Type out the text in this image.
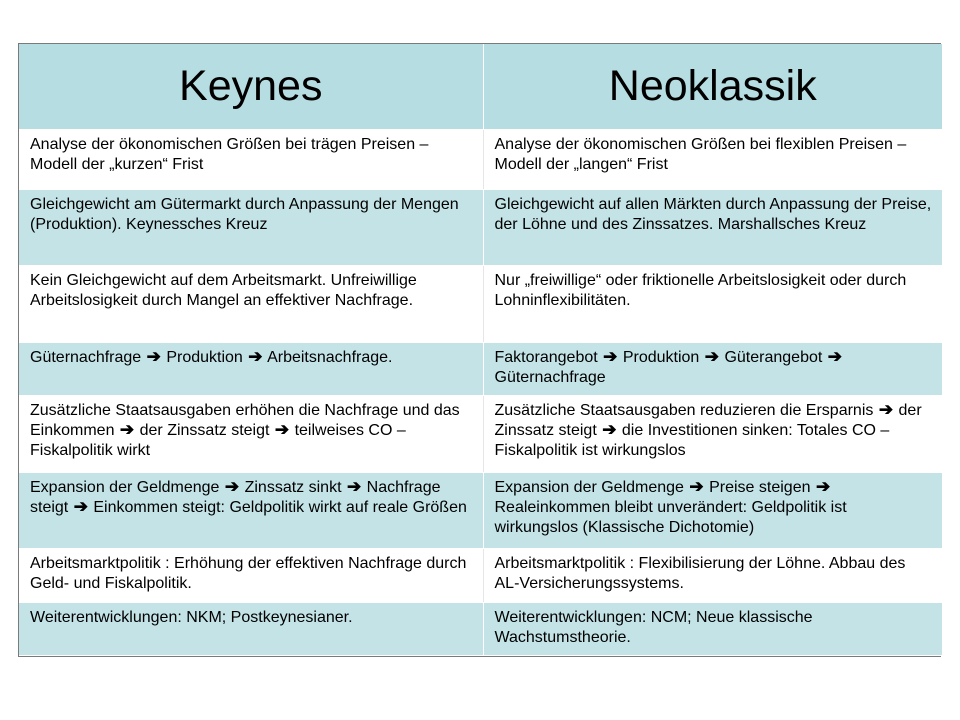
Keynes	Neoklassik
Analyse der ökonomischen Größen bei trägen Preisen – Modell der „kurzen“ Frist	Analyse der ökonomischen Größen bei flexiblen Preisen – Modell der „langen“ Frist
Gleichgewicht am Gütermarkt durch Anpassung der Mengen (Produktion). Keynessches Kreuz	Gleichgewicht auf allen Märkten durch Anpassung der Preise, der Löhne und des Zinssatzes. Marshallsches Kreuz
Kein Gleichgewicht auf dem Arbeitsmarkt. Unfreiwillige Arbeitslosigkeit durch Mangel an effektiver Nachfrage.	Nur „freiwillige“ oder friktionelle Arbeitslosigkeit oder durch Lohninflexibilitäten.
Güternachfrage ➔ Produktion ➔ Arbeitsnachfrage.	Faktorangebot ➔ Produktion ➔ Güterangebot ➔ Güternachfrage
Zusätzliche Staatsausgaben erhöhen die Nachfrage und das Einkommen ➔ der Zinssatz steigt ➔ teilweises CO – Fiskalpolitik wirkt	Zusätzliche Staatsausgaben reduzieren die Ersparnis ➔ der Zinssatz steigt ➔ die Investitionen sinken: Totales CO – Fiskalpolitik ist wirkungslos
Expansion der Geldmenge ➔ Zinssatz sinkt ➔ Nachfrage steigt ➔ Einkommen steigt: Geldpolitik wirkt auf reale Größen	Expansion der Geldmenge ➔ Preise steigen ➔ Realeinkommen bleibt unverändert: Geldpolitik ist wirkungslos (Klassische Dichotomie)
Arbeitsmarktpolitik : Erhöhung der effektiven Nachfrage durch Geld- und Fiskalpolitik.	Arbeitsmarktpolitik : Flexibilisierung der Löhne. Abbau des AL-Versicherungssystems.
Weiterentwicklungen: NKM; Postkeynesianer.	Weiterentwicklungen: NCM; Neue klassische Wachstumstheorie.
